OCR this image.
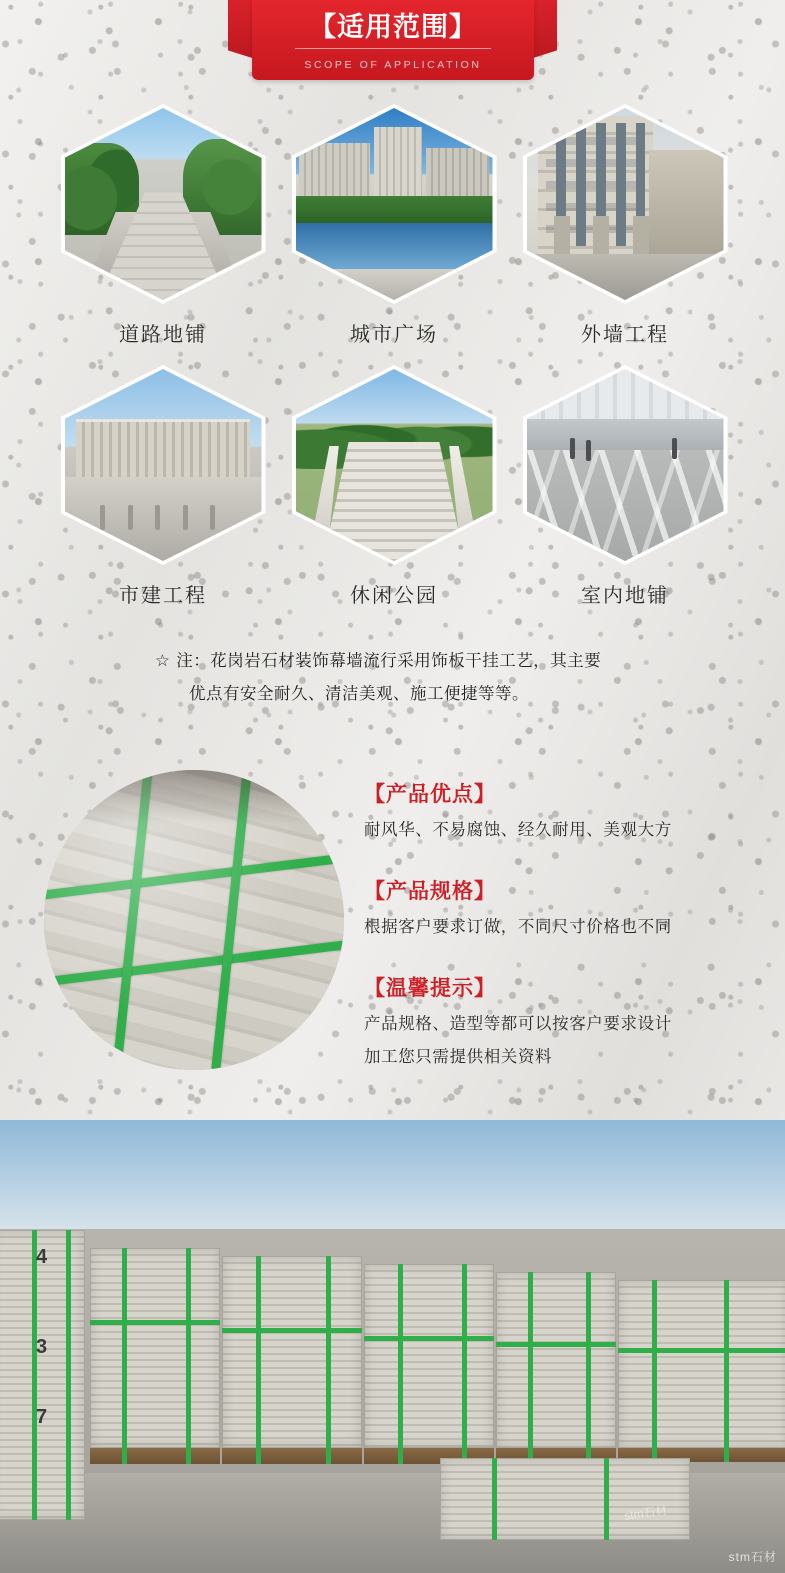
【适用范围】
SCOPE OF APPLICATION
道路地铺	城市广场	外墙工程
市建工程	休闲公园	室内地铺
☆ 注：花岗岩石材装饰幕墙流行采用饰板干挂工艺，其主要
优点有安全耐久、清洁美观、施工便捷等等。
【产品优点】
耐风华、不易腐蚀、经久耐用、美观大方
【产品规格】
根据客户要求订做，不同尺寸价格也不同
【温馨提示】
产品规格、造型等都可以按客户要求设计
加工您只需提供相关资料
4
3
7
stm石材
stm石材
